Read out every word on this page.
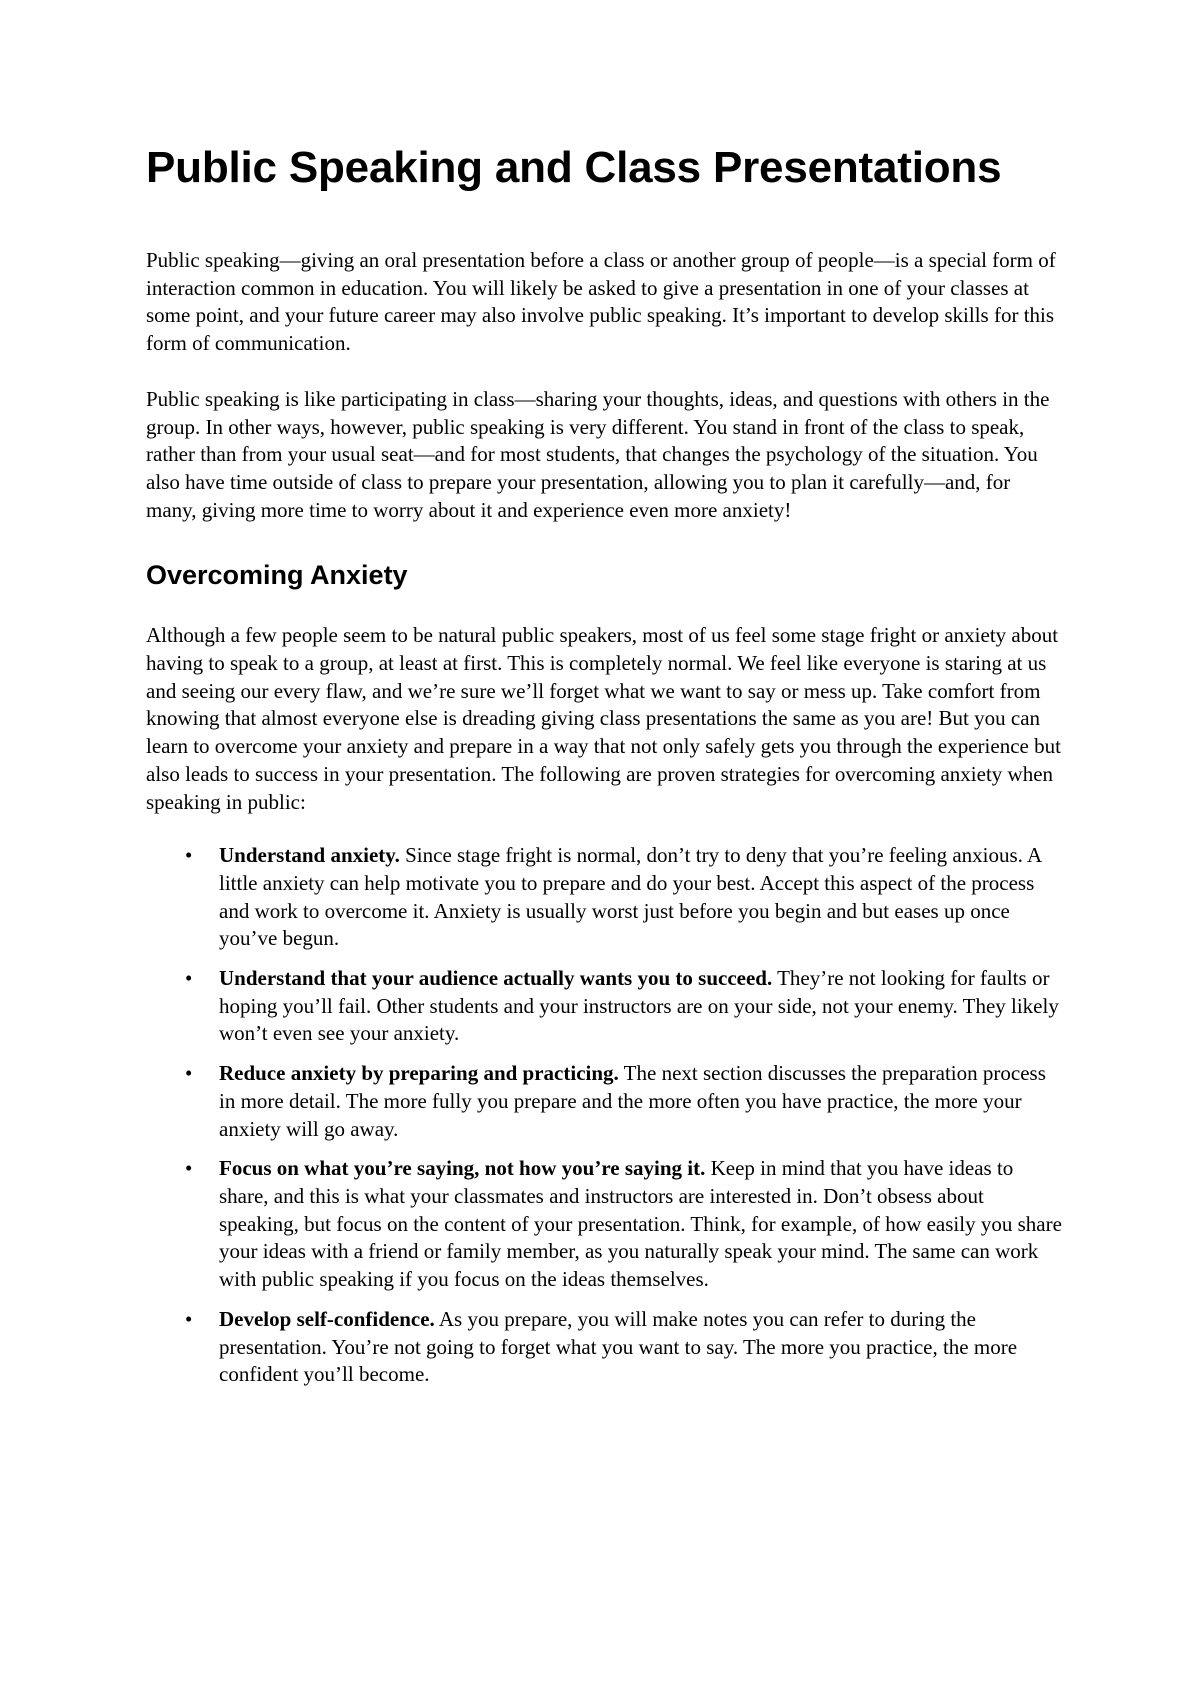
Public Speaking and Class Presentations

Public speaking—giving an oral presentation before a class or another group of people—is a special form of interaction common in education. You will likely be asked to give a presentation in one of your classes at some point, and your future career may also involve public speaking. It’s important to develop skills for this form of communication.

Public speaking is like participating in class—sharing your thoughts, ideas, and questions with others in the group. In other ways, however, public speaking is very different. You stand in front of the class to speak, rather than from your usual seat—and for most students, that changes the psychology of the situation. You also have time outside of class to prepare your presentation, allowing you to plan it carefully—and, for many, giving more time to worry about it and experience even more anxiety!

Overcoming Anxiety

Although a few people seem to be natural public speakers, most of us feel some stage fright or anxiety about having to speak to a group, at least at first. This is completely normal. We feel like everyone is staring at us and seeing our every flaw, and we’re sure we’ll forget what we want to say or mess up. Take comfort from knowing that almost everyone else is dreading giving class presentations the same as you are! But you can learn to overcome your anxiety and prepare in a way that not only safely gets you through the experience but also leads to success in your presentation. The following are proven strategies for overcoming anxiety when speaking in public:

• Understand anxiety. Since stage fright is normal, don’t try to deny that you’re feeling anxious. A little anxiety can help motivate you to prepare and do your best. Accept this aspect of the process and work to overcome it. Anxiety is usually worst just before you begin and but eases up once you’ve begun.
• Understand that your audience actually wants you to succeed. They’re not looking for faults or hoping you’ll fail. Other students and your instructors are on your side, not your enemy. They likely won’t even see your anxiety.
• Reduce anxiety by preparing and practicing. The next section discusses the preparation process in more detail. The more fully you prepare and the more often you have practice, the more your anxiety will go away.
• Focus on what you’re saying, not how you’re saying it. Keep in mind that you have ideas to share, and this is what your classmates and instructors are interested in. Don’t obsess about speaking, but focus on the content of your presentation. Think, for example, of how easily you share your ideas with a friend or family member, as you naturally speak your mind. The same can work with public speaking if you focus on the ideas themselves.
• Develop self-confidence. As you prepare, you will make notes you can refer to during the presentation. You’re not going to forget what you want to say. The more you practice, the more confident you’ll become.
